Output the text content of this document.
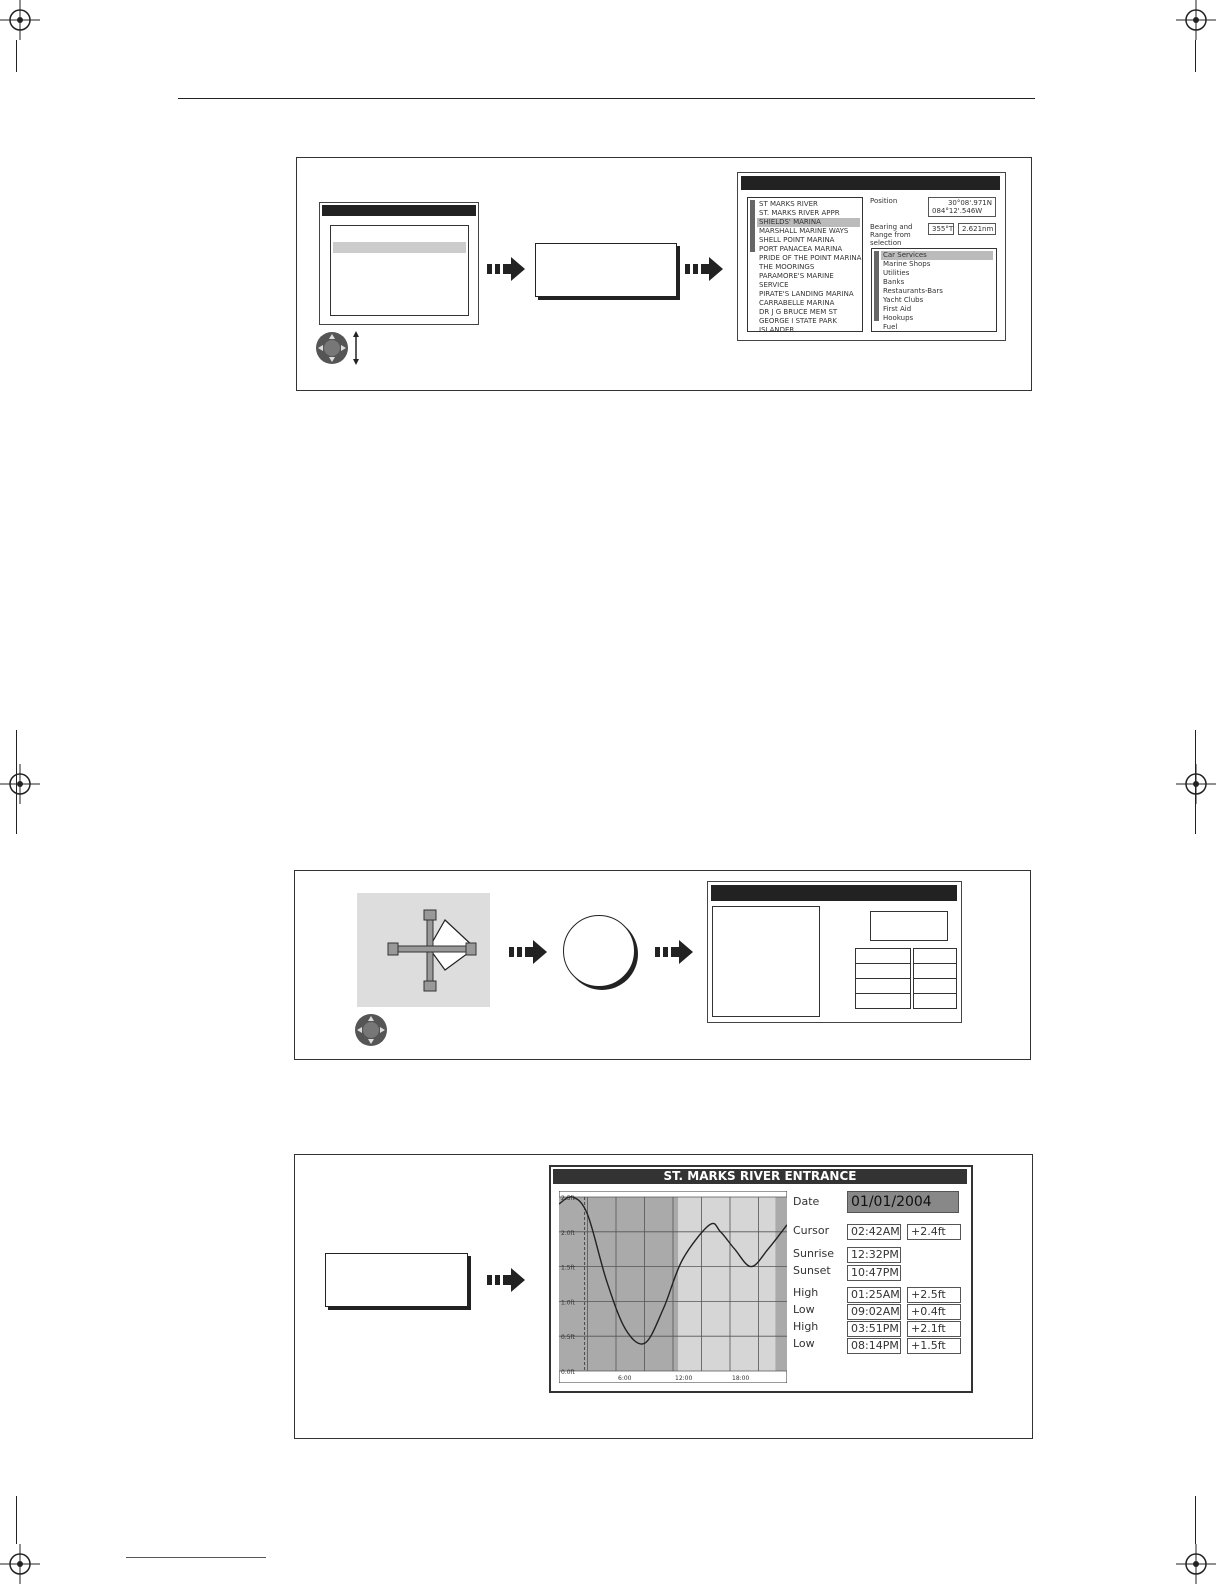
ST MARKS RIVER
ST. MARKS RIVER APPR
SHIELDS' MARINA
MARSHALL MARINE WAYS
SHELL POINT MARINA
PORT PANACEA MARINA
PRIDE OF THE POINT MARINA
THE MOORINGS
PARAMORE'S MARINE
SERVICE
PIRATE'S LANDING MARINA
CARRABELLE MARINA
DR J G BRUCE MEM ST
GEORGE I STATE PARK
ISLANDER
Position	30°08'.971N
084°12'.546W
Bearing and Range from selection
355°T	2.621nm
Car Services
Marine Shops
Utilities
Banks
Restaurants-Bars
Yacht Clubs
First Aid
Hookups
Fuel
ST. MARKS RIVER ENTRANCE
2.5ft
2.0ft
1.5ft
1.0ft
0.5ft
0.0ft
6:00	12:00	18:00
Date 01/01/2004
Cursor	02:42AM	+2.4ft
Sunrise	12:32PM
Sunset	10:47PM
High	01:25AM	+2.5ft
Low	09:02AM	+0.4ft
High	03:51PM	+2.1ft
Low	08:14PM	+1.5ft
